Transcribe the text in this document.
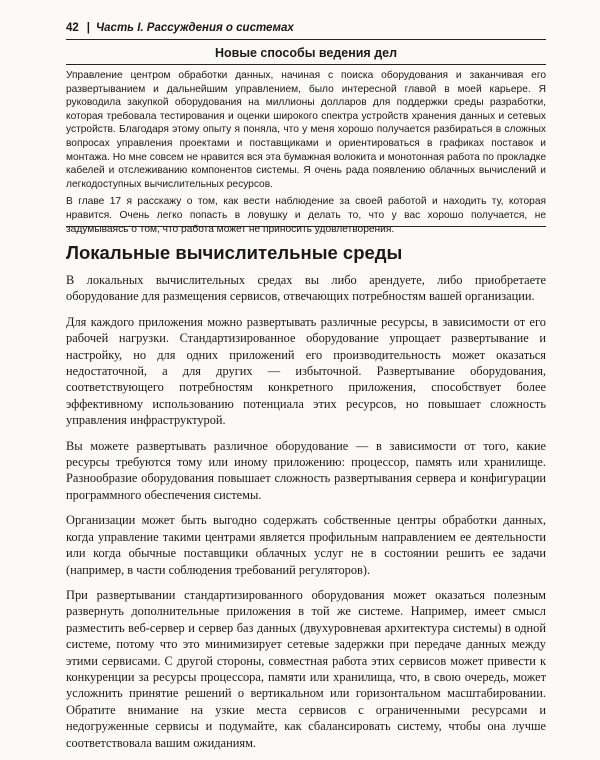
42 | Часть I. Рассуждения о системах
Новые способы ведения дел

Управление центром обработки данных, начиная с поиска оборудования и заканчивая его развертыванием и дальнейшим управлением, было интересной главой в моей карьере. Я руководила закупкой оборудования на миллионы долларов для поддержки среды разработки, которая требовала тестирования и оценки широкого спектра устройств хранения данных и сетевых устройств. Благодаря этому опыту я поняла, что у меня хорошо получается разбираться в сложных вопросах управления проектами и поставщиками и ориентироваться в графиках поставок и монтажа. Но мне совсем не нравится вся эта бумажная волокита и монотонная работа по прокладке кабелей и отслеживанию компонентов системы. Я очень рада появлению облачных вычислений и легкодоступных вычислительных ресурсов.

В главе 17 я расскажу о том, как вести наблюдение за своей работой и находить ту, которая нравится. Очень легко попасть в ловушку и делать то, что у вас хорошо получается, не задумываясь о том, что работа может не приносить удовлетворения.

Локальные вычислительные среды

В локальных вычислительных средах вы либо арендуете, либо приобретаете оборудование для размещения сервисов, отвечающих потребностям вашей организации.

Для каждого приложения можно развертывать различные ресурсы, в зависимости от его рабочей нагрузки. Стандартизированное оборудование упрощает развертывание и настройку, но для одних приложений его производительность может оказаться недостаточной, а для других — избыточной. Развертывание оборудования, соответствующего потребностям конкретного приложения, способствует более эффективному использованию потенциала этих ресурсов, но повышает сложность управления инфраструктурой.

Вы можете развертывать различное оборудование — в зависимости от того, какие ресурсы требуются тому или иному приложению: процессор, память или хранилище. Разнообразие оборудования повышает сложность развертывания сервера и конфигурации программного обеспечения системы.

Организации может быть выгодно содержать собственные центры обработки данных, когда управление такими центрами является профильным направлением ее деятельности или когда обычные поставщики облачных услуг не в состоянии решить ее задачи (например, в части соблюдения требований регуляторов).

При развертывании стандартизированного оборудования может оказаться полезным развернуть дополнительные приложения в той же системе. Например, имеет смысл разместить веб-сервер и сервер баз данных (двухуровневая архитектура системы) в одной системе, потому что это минимизирует сетевые задержки при передаче данных между этими сервисами. С другой стороны, совместная работа этих сервисов может привести к конкуренции за ресурсы процессора, памяти или хранилища, что, в свою очередь, может усложнить принятие решений о вертикальном или горизонтальном масштабировании. Обратите внимание на узкие места сервисов с ограниченными ресурсами и недогруженные сервисы и подумайте, как сбалансировать систему, чтобы она лучше соответствовала вашим ожиданиям.
